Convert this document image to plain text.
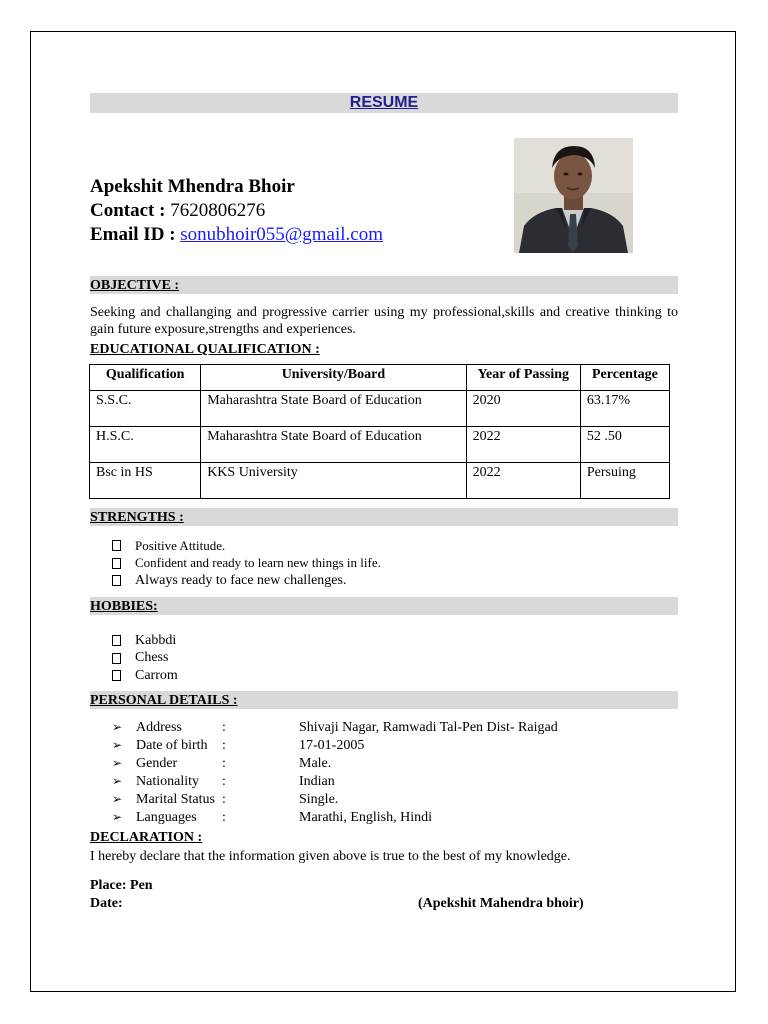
RESUME
Apekshit Mhendra Bhoir
Contact : 7620806276
Email ID : sonubhoir055@gmail.com
OBJECTIVE :
Seeking and challanging and progressive carrier using my professional,skills and creative thinking to gain future exposure,strengths and experiences.
EDUCATIONAL QUALIFICATION :
Qualification	University/Board	Year of Passing	Percentage
S.S.C.	Maharashtra State Board of Education	2020	63.17%
H.S.C.	Maharashtra State Board of Education	2022	52 .50
Bsc in HS	KKS University	2022	Persuing
STRENGTHS :
Positive Attitude.
Confident and ready to learn new things in life.
Always ready to face new challenges.
HOBBIES:
Kabbdi
Chess
Carrom
PERSONAL DETAILS :
➢ Address	:	Shivaji Nagar, Ramwadi Tal-Pen Dist- Raigad
➢ Date of birth :	17-01-2005
➢ Gender	:	Male.
➢ Nationality :	Indian
➢ Marital Status :	Single.
➢ Languages :	Marathi, English, Hindi
DECLARATION :
I hereby declare that the information given above is true to the best of my knowledge.
Place: Pen
Date:	(Apekshit Mahendra bhoir)
